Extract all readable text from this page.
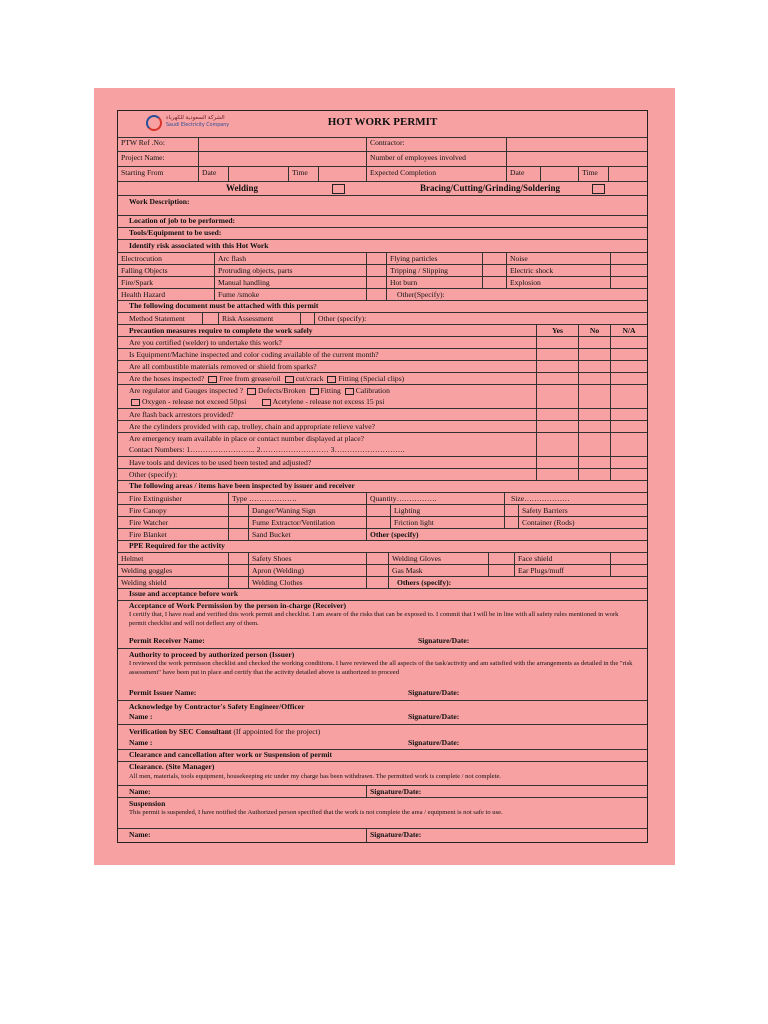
الشركة السعودية للكهرباء
Saudi Electricity Company	HOT WORK PERMIT
PTW Ref .No:	Contractor:
Project Name:	Number of employees involved
Starting From	Date	Time	Expected Completion	Date	Time
Welding	Bracing/Cutting/Grinding/Soldering
Work Description:
Location of job to be performed:
Tools/Equipment to be used:
Identify risk associated with this Hot Work
Electrocution	Arc flash	Flying particles	Noise
Falling Objects	Protruding objects, parts	Tripping / Slipping	Electric shock
Fire/Spark	Manual handling	Hot burn	Explosion
Health Hazard	Fume /smoke	Other(Specify):
The following document must be attached with this permit
Method Statement	Risk Assessment	Other (specify):
Precaution measures require to complete the work safely	Yes	No	N/A
Are you certified (welder) to undertake this work?
Is Equipment/Machine inspected and color coding available of the current month?
Are all combustible materials removed or shield from sparks?
Are the hoses inspected? Free from grease/oil cut/crack Fitting (Special clips)
Are regulator and Gauges inspected ? Defects/Broken Fitting Calibration
Oxygen - release not exceed 50psi	Acetylene - release not excess 15 psi
Are flash back arrestors provided?
Are the cylinders provided with cap, trolley, chain and appropriate relieve valve?
Are emergency team available in place or contact number displayed at place?
Contact Numbers: 1…………………….. 2……………………… 3……………………….
Have tools and devices to be used been tested and adjusted?
Other (specify):
The following areas / items have been inspected by issuer and receiver
Fire Extinguisher	Type ……………….	Quantity…………….	Size………………
Fire Canopy	Danger/Waning Sign	Lighting	Safety Barriers
Fire Watcher	Fume Extractor/Ventilation	Friction light	Container (Rods)
Fire Blanket	Sand Bucket	Other (specify)
PPE Required for the activity
Helmet	Safety Shoes	Welding Gloves	Face shield
Welding goggles	Apron (Welding)	Gas Mask	Ear Plugs/muff
Welding shield	Welding Clothes	Others (specify):
Issue and acceptance before work
Acceptance of Work Permission by the person in-charge (Receiver)
I certify that, I have read and verified this work permit and checklist. I am aware of the risks that can be exposed to. I commit that I will be in line with all safety rules mentioned in work permit checklist and will not deflect any of them.
Permit Receiver Name:	Signature/Date:
Authority to proceed by authorized person (Issuer)
I reviewed the work permisson checklist and checked the working conditions. I have reviewed the all aspects of the task/activity and am satisfied with the arrangements as detailed in the "risk assessment" have been put in place and certify that the activity detailed above is authorized to proceed
Permit Issuer Name:	Signature/Date:
Acknowledge by Contractor's Safety Engineer/Officer
Name :	Signature/Date:
Verification by SEC Consultant (If appointed for the project)
Name :	Signature/Date:
Clearance and cancellation after work or Suspension of permit
Clearance. (Site Manager)
All men, materials, tools equipment, housekeeping etc under my charge has been withdrawn. The permitted work is complete / not complete.
Name:	Signature/Date:
Suspension
This permit is suspended, I have notified the Authorized person specified that the work is not complete the area / equipment is not safe to use.
Name:	Signature/Date:
